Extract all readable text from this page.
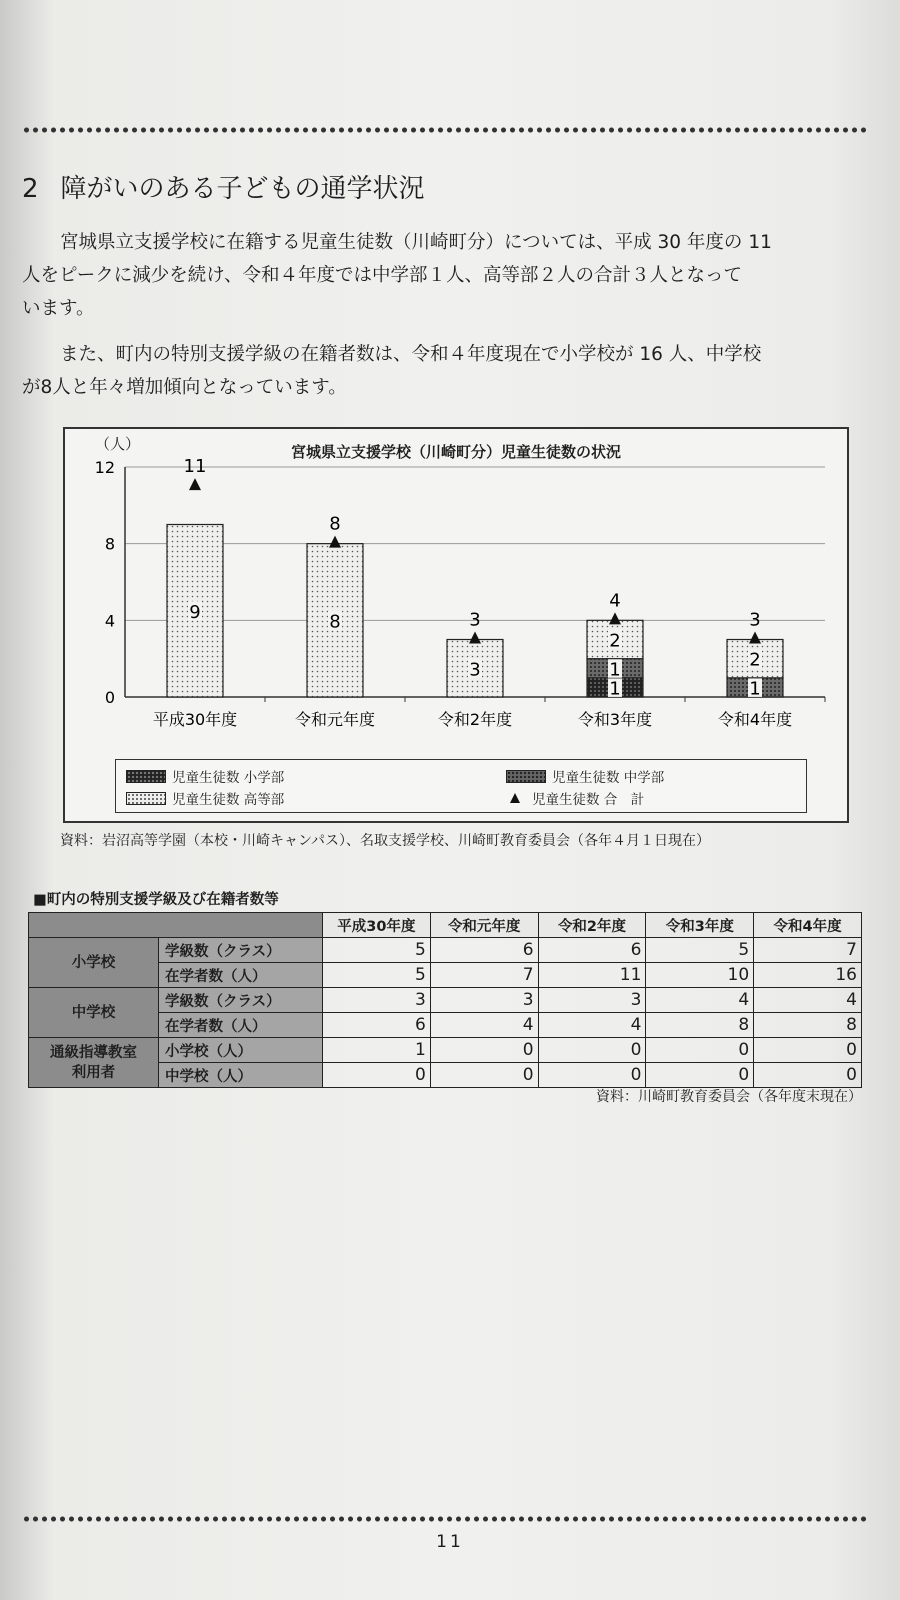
2 障がいのある子どもの通学状況
宮城県立支援学校に在籍する児童生徒数（川崎町分）については、平成 30 年度の 11
人をピークに減少を続け、令和４年度では中学部１人、高等部２人の合計３人となって
います。
また、町内の特別支援学級の在籍者数は、令和４年度現在で小学校が 16 人、中学校
が8人と年々増加傾向となっています。
（人）	宮城県立支援学校（川崎町分）児童生徒数の状況
0
4
8
12
9
11
平成30年度
8
8
令和元年度
3
3
令和2年度
1
1
2
4
令和3年度
1
2
3
令和4年度
児童生徒数 小学部	児童生徒数 中学部
児童生徒数 高等部	児童生徒数 合　計
資料：岩沼高等学園（本校・川崎キャンパス）、名取支援学校、川崎町教育委員会（各年４月１日現在）
■町内の特別支援学級及び在籍者数等
		平成30年度	令和元年度	令和2年度	令和3年度	令和4年度
小学校	学級数（クラス）	5	6	6	5	7
	在学者数（人）	5	7	11	10	16
中学校	学級数（クラス）	3	3	3	4	4
	在学者数（人）	6	4	4	8	8
通級指導教室
利用者	小学校（人）	1	0	0	0	0
	中学校（人）	0	0	0	0	0
資料：川崎町教育委員会（各年度末現在）
11
